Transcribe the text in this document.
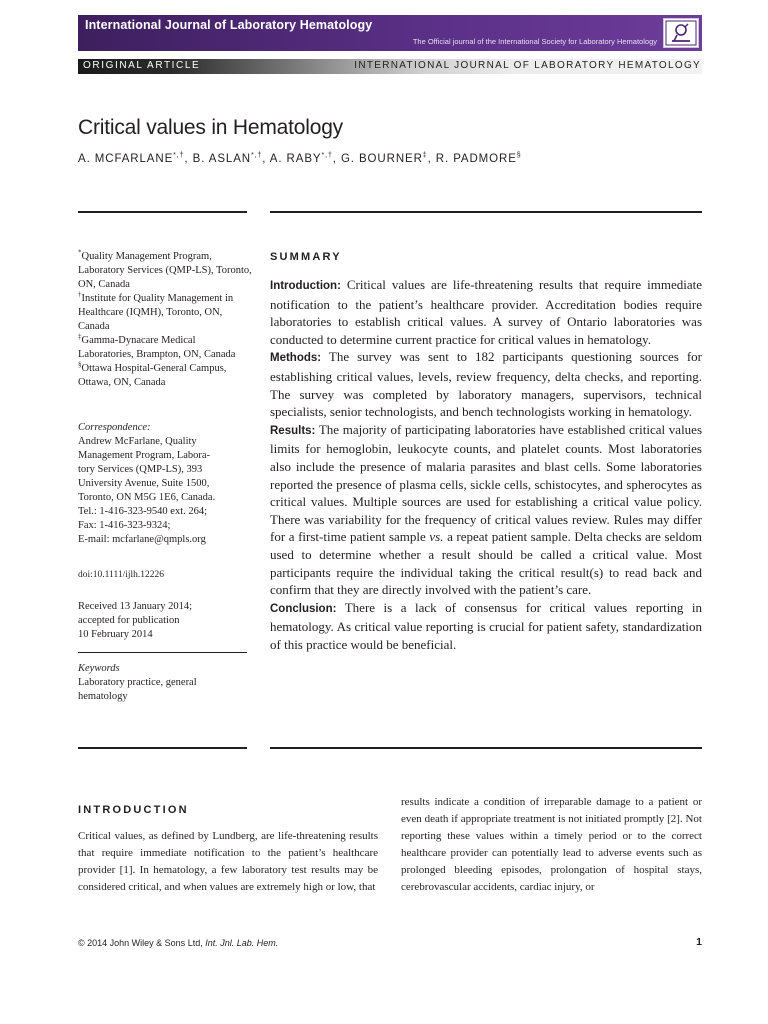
International Journal of Laboratory Hematology
The Official journal of the International Society for Laboratory Hematology
ORIGINAL ARTICLE	INTERNATIONAL JOURNAL OF LABORATORY HEMATOLOGY
Critical values in Hematology
A. MCFARLANE*,†, B. ASLAN*,†, A. RABY*,†, G. BOURNER‡, R. PADMORE§

*Quality Management Program, Laboratory Services (QMP-LS), Toronto, ON, Canada

†Institute for Quality Management in Healthcare (IQMH), Toronto, ON, Canada

‡Gamma-Dynacare Medical Laboratories, Brampton, ON, Canada

§Ottawa Hospital-General Campus, Ottawa, ON, Canada

Correspondence:

Andrew McFarlane, Quality

Management Program, Labora-

tory Services (QMP-LS), 393

University Avenue, Suite 1500,

Toronto, ON M5G 1E6, Canada.

Tel.: 1-416-323-9540 ext. 264;

Fax: 1-416-323-9324;

E-mail: mcfarlane@qmpls.org

doi:10.1111/ijlh.12226

Received 13 January 2014;

accepted for publication

10 February 2014

Keywords

Laboratory practice, general hematology

SUMMARY

Introduction: Critical values are life-threatening results that require immediate notification to the patient’s healthcare provider. Accreditation bodies require laboratories to establish critical values. A survey of Ontario laboratories was conducted to determine current practice for critical values in hematology.

Methods: The survey was sent to 182 participants questioning sources for establishing critical values, levels, review frequency, delta checks, and reporting. The survey was completed by laboratory managers, supervisors, technical specialists, senior technologists, and bench technologists working in hematology.

Results: The majority of participating laboratories have established critical values limits for hemoglobin, leukocyte counts, and platelet counts. Most laboratories also include the presence of malaria parasites and blast cells. Some laboratories reported the presence of plasma cells, sickle cells, schistocytes, and spherocytes as critical values. Multiple sources are used for establishing a critical value policy. There was variability for the frequency of critical values review. Rules may differ for a first-time patient sample vs. a repeat patient sample. Delta checks are seldom used to determine whether a result should be called a critical value. Most participants require the individual taking the critical result(s) to read back and confirm that they are directly involved with the patient’s care.

Conclusion: There is a lack of consensus for critical values reporting in hematology. As critical value reporting is crucial for patient safety, standardization of this practice would be beneficial.

INTRODUCTION
Critical values, as defined by Lundberg, are life-threatening results that require immediate notification to the patient’s healthcare provider [1]. In hematology, a few laboratory test results may be considered critical, and when values are extremely high or low, that
results indicate a condition of irreparable damage to a patient or even death if appropriate treatment is not initiated promptly [2]. Not reporting these values within a timely period or to the correct healthcare provider can potentially lead to adverse events such as prolonged bleeding episodes, prolongation of hospital stays, cerebrovascular accidents, cardiac injury, or
© 2014 John Wiley & Sons Ltd, Int. Jnl. Lab. Hem.	1
